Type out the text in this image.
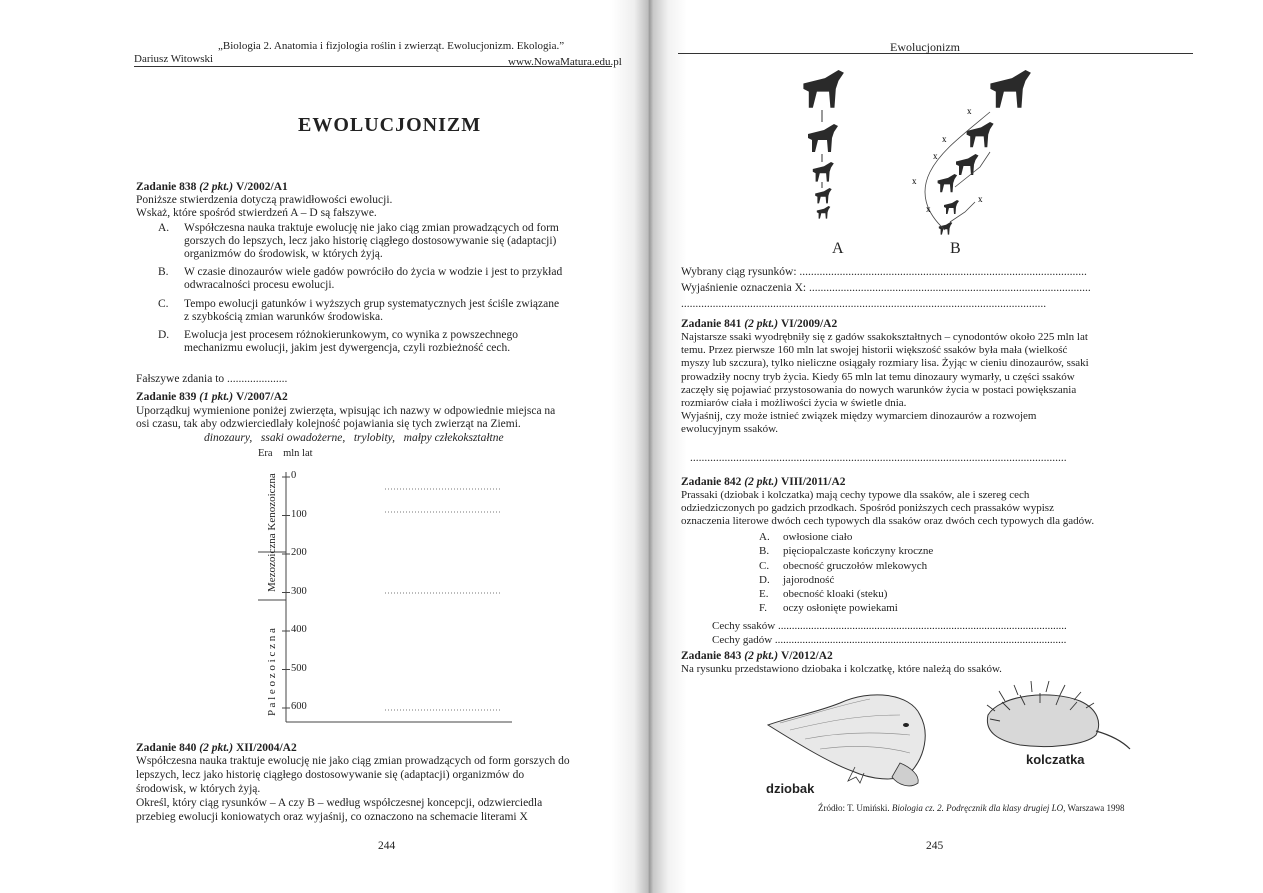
„Biologia 2. Anatomia i fizjologia roślin i zwierząt. Ewolucjonizm. Ekologia.”
Dariusz Witowski	www.NowaMatura.edu.pl
EWOLUCJONIZM
Zadanie 838 (2 pkt.) V/2002/A1
Poniższe stwierdzenia dotyczą prawidłowości ewolucji.
Wskaż, które spośród stwierdzeń A – D są fałszywe.
A. Współczesna nauka traktuje ewolucję nie jako ciąg zmian prowadzących od form
gorszych do lepszych, lecz jako historię ciągłego dostosowywanie się (adaptacji)
organizmów do środowisk, w których żyją.
B. W czasie dinozaurów wiele gadów powróciło do życia w wodzie i jest to przykład
odwracalności procesu ewolucji.
C. Tempo ewolucji gatunków i wyższych grup systematycznych jest ściśle związane
z szybkością zmian warunków środowiska.
D. Ewolucja jest procesem różnokierunkowym, co wynika z powszechnego
mechanizmu ewolucji, jakim jest dywergencja, czyli rozbieżność cech.
Fałszywe zdania to .....................
Zadanie 839 (1 pkt.) V/2007/A2
Uporządkuj wymienione poniżej zwierzęta, wpisując ich nazwy w odpowiednie miejsca na
osi czasu, tak aby odzwierciedlały kolejność pojawiania się tych zwierząt na Ziemi.
dinozaury,   ssaki owadożerne,   trylobity,   małpy człekokształtne
Era    mln lat
Mezozoiczna Kenozoiczna
P a l e o z o i c z n a
0
100
200
300
400
500
600
Zadanie 840 (2 pkt.) XII/2004/A2
Współczesna nauka traktuje ewolucję nie jako ciąg zmian prowadzących od form gorszych do
lepszych, lecz jako historię ciągłego dostosowywanie się (adaptacji) organizmów do
środowisk, w których żyją.
Określ, który ciąg rysunków – A czy B – według współczesnej koncepcji, odzwierciedla
przebieg ewolucji koniowatych oraz wyjaśnij, co oznaczono na schemacie literami X
244
Ewolucjonizm
x
x
x
x
x
x
A	B
Wybrany ciąg rysunków: ....................................................................................................
Wyjaśnienie oznaczenia X: ..................................................................................................
...............................................................................................................................
Zadanie 841 (2 pkt.) VI/2009/A2
Najstarsze ssaki wyodrębniły się z gadów ssakokształtnych – cynodontów około 225 mln lat
temu. Przez pierwsze 160 mln lat swojej historii większość ssaków była mała (wielkość
myszy lub szczura), tylko nieliczne osiągały rozmiary lisa. Żyjąc w cieniu dinozaurów, ssaki
prowadziły nocny tryb życia. Kiedy 65 mln lat temu dinozaury wymarły, u części ssaków
zaczęły się pojawiać przystosowania do nowych warunków życia w postaci powiększania
rozmiarów ciała i możliwości życia w świetle dnia.
Wyjaśnij, czy może istnieć związek między wymarciem dinozaurów a rozwojem
ewolucyjnym ssaków.
...................................................................................................................................
Zadanie 842 (2 pkt.) VIII/2011/A2
Prassaki (dziobak i kolczatka) mają cechy typowe dla ssaków, ale i szereg cech
odziedziczonych po gadzich przodkach. Spośród poniższych cech prassaków wypisz
oznaczenia literowe dwóch cech typowych dla ssaków oraz dwóch cech typowych dla gadów.
A. owłosione ciało
B. pięciopalczaste kończyny kroczne
C. obecność gruczołów mlekowych
D. jajorodność
E. obecność kloaki (steku)
F. oczy osłonięte powiekami
Cechy ssaków .........................................................................................................
Cechy gadów ..........................................................................................................
Zadanie 843 (2 pkt.) V/2012/A2
Na rysunku przedstawiono dziobaka i kolczatkę, które należą do ssaków.
dziobak
kolczatka
Źródło: T. Umiński. Biologia cz. 2. Podręcznik dla klasy drugiej LO, Warszawa 1998
245
